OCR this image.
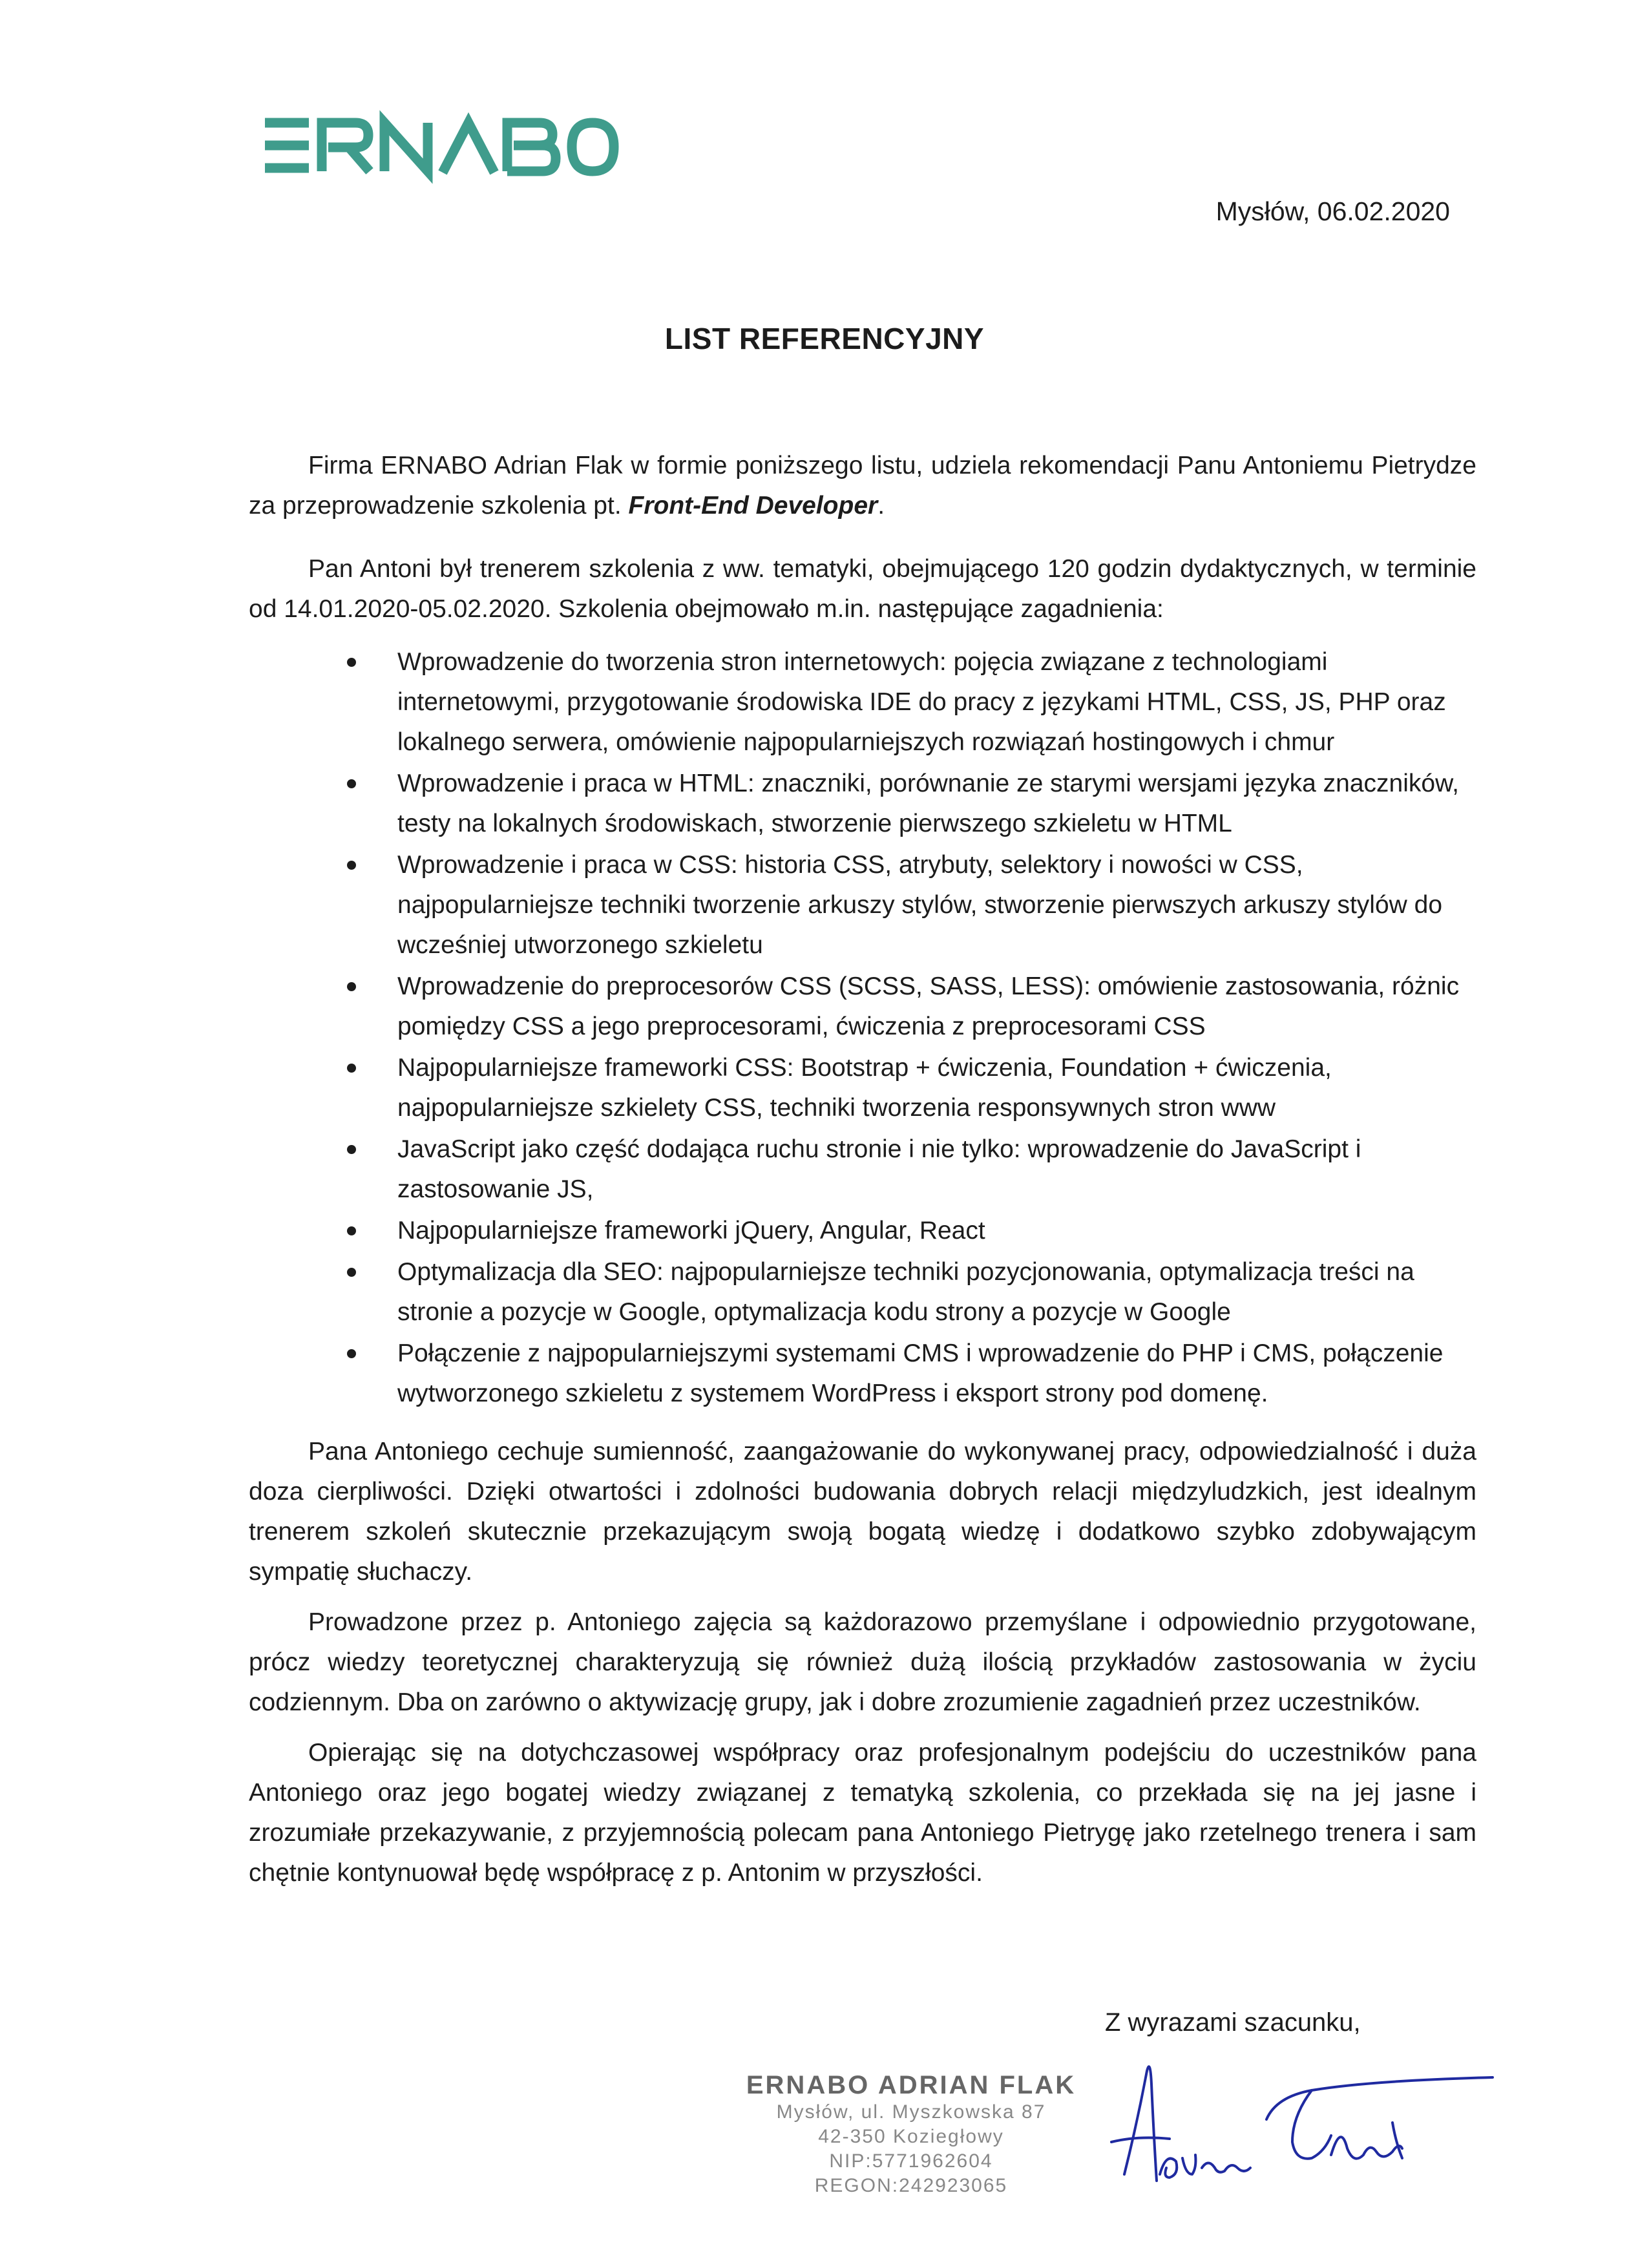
Mysłów, 06.02.2020
LIST REFERENCYJNY

Firma ERNABO Adrian Flak w formie poniższego listu, udziela rekomendacji Panu Antoniemu Pietrydze za przeprowadzenie szkolenia pt. Front-End Developer.

Pan Antoni był trenerem szkolenia z ww. tematyki, obejmującego 120 godzin dydaktycznych, w terminie od 14.01.2020-05.02.2020. Szkolenia obejmowało m.in. następujące zagadnienia:

Wprowadzenie do tworzenia stron internetowych: pojęcia związane z technologiami internetowymi, przygotowanie środowiska IDE do pracy z językami HTML, CSS, JS, PHP oraz lokalnego serwera, omówienie najpopularniejszych rozwiązań hostingowych i chmur
Wprowadzenie i praca w HTML: znaczniki, porównanie ze starymi wersjami języka znaczników, testy na lokalnych środowiskach, stworzenie pierwszego szkieletu w HTML
Wprowadzenie i praca w CSS: historia CSS, atrybuty, selektory i nowości w CSS, najpopularniejsze techniki tworzenie arkuszy stylów, stworzenie pierwszych arkuszy stylów do wcześniej utworzonego szkieletu
Wprowadzenie do preprocesorów CSS (SCSS, SASS, LESS): omówienie zastosowania, różnic pomiędzy CSS a jego preprocesorami, ćwiczenia z preprocesorami CSS
Najpopularniejsze frameworki CSS: Bootstrap + ćwiczenia, Foundation + ćwiczenia, najpopularniejsze szkielety CSS, techniki tworzenia responsywnych stron www
JavaScript jako część dodająca ruchu stronie i nie tylko: wprowadzenie do JavaScript i zastosowanie JS,
Najpopularniejsze frameworki jQuery, Angular, React
Optymalizacja dla SEO: najpopularniejsze techniki pozycjonowania, optymalizacja treści na stronie a pozycje w Google, optymalizacja kodu strony a pozycje w Google
Połączenie z najpopularniejszymi systemami CMS i wprowadzenie do PHP i CMS, połączenie wytworzonego szkieletu z systemem WordPress i eksport strony pod domenę.

Pana Antoniego cechuje sumienność, zaangażowanie do wykonywanej pracy, odpowiedzialność i duża doza cierpliwości. Dzięki otwartości i zdolności budowania dobrych relacji międzyludzkich, jest idealnym trenerem szkoleń skutecznie przekazującym swoją bogatą wiedzę i dodatkowo szybko zdobywającym sympatię słuchaczy.

Prowadzone przez p. Antoniego zajęcia są każdorazowo przemyślane i odpowiednio przygotowane, prócz wiedzy teoretycznej charakteryzują się również dużą ilością przykładów zastosowania w życiu codziennym. Dba on zarówno o aktywizację grupy, jak i dobre zrozumienie zagadnień przez uczestników.

Opierając się na dotychczasowej współpracy oraz profesjonalnym podejściu do uczestników pana Antoniego oraz jego bogatej wiedzy związanej z tematyką szkolenia, co przekłada się na jej jasne i zrozumiałe przekazywanie, z przyjemnością polecam pana Antoniego Pietrygę jako rzetelnego trenera i sam chętnie kontynuował będę współpracę z p. Antonim w przyszłości.

Z wyrazami szacunku,
ERNABO ADRIAN FLAK
Mysłów, ul. Myszkowska 87
42-350 Koziegłowy
NIP:5771962604 REGON:242923065
